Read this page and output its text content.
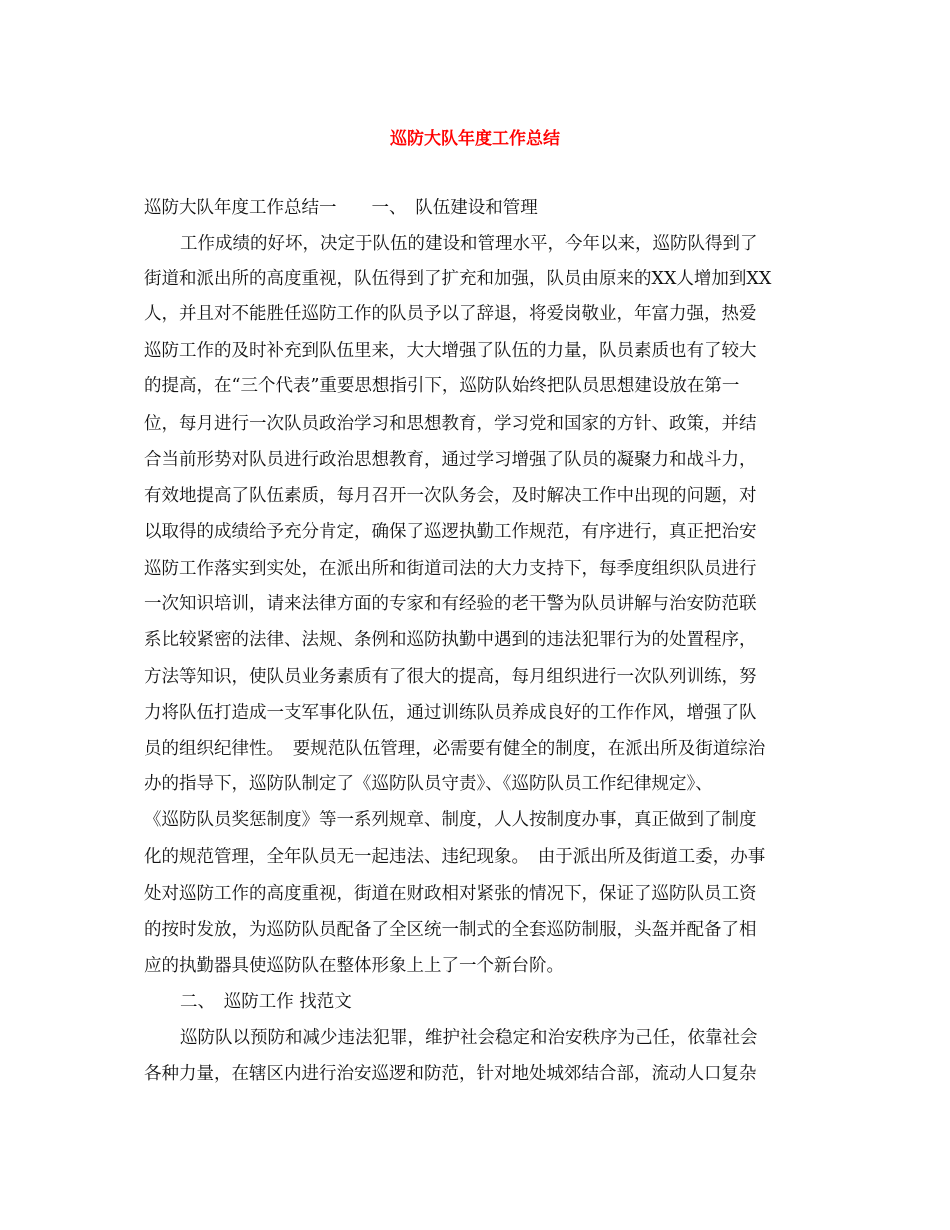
巡防大队年度工作总结
巡防大队年度工作总结一　　一、　队伍建设和管理
工作成绩的好坏，决定于队伍的建设和管理水平，今年以来，巡防队得到了
街道和派出所的高度重视，队伍得到了扩充和加强，队员由原来的XX人增加到XX
人，并且对不能胜任巡防工作的队员予以了辞退，将爱岗敬业，年富力强，热爱
巡防工作的及时补充到队伍里来，大大增强了队伍的力量，队员素质也有了较大
的提高，在“三个代表”重要思想指引下，巡防队始终把队员思想建设放在第一
位，每月进行一次队员政治学习和思想教育，学习党和国家的方针、政策，并结
合当前形势对队员进行政治思想教育，通过学习增强了队员的凝聚力和战斗力，
有效地提高了队伍素质，每月召开一次队务会，及时解决工作中出现的问题，对
以取得的成绩给予充分肯定，确保了巡逻执勤工作规范，有序进行，真正把治安
巡防工作落实到实处，在派出所和街道司法的大力支持下，每季度组织队员进行
一次知识培训，请来法律方面的专家和有经验的老干警为队员讲解与治安防范联
系比较紧密的法律、法规、条例和巡防执勤中遇到的违法犯罪行为的处置程序，
方法等知识，使队员业务素质有了很大的提高，每月组织进行一次队列训练，努
力将队伍打造成一支军事化队伍，通过训练队员养成良好的工作作风，增强了队
员的组织纪律性。　要规范队伍管理，必需要有健全的制度，在派出所及街道综治
办的指导下，巡防队制定了《巡防队员守责》、《巡防队员工作纪律规定》、
《巡防队员奖惩制度》等一系列规章、制度，人人按制度办事，真正做到了制度
化的规范管理，全年队员无一起违法、违纪现象。　由于派出所及街道工委，办事
处对巡防工作的高度重视，街道在财政相对紧张的情况下，保证了巡防队员工资
的按时发放，为巡防队员配备了全区统一制式的全套巡防制服，头盔并配备了相
应的执勤器具使巡防队在整体形象上上了一个新台阶。
二、　巡防工作 找范文
巡防队以预防和减少违法犯罪，维护社会稳定和治安秩序为己任，依靠社会
各种力量，在辖区内进行治安巡逻和防范，针对地处城郊结合部，流动人口复杂
